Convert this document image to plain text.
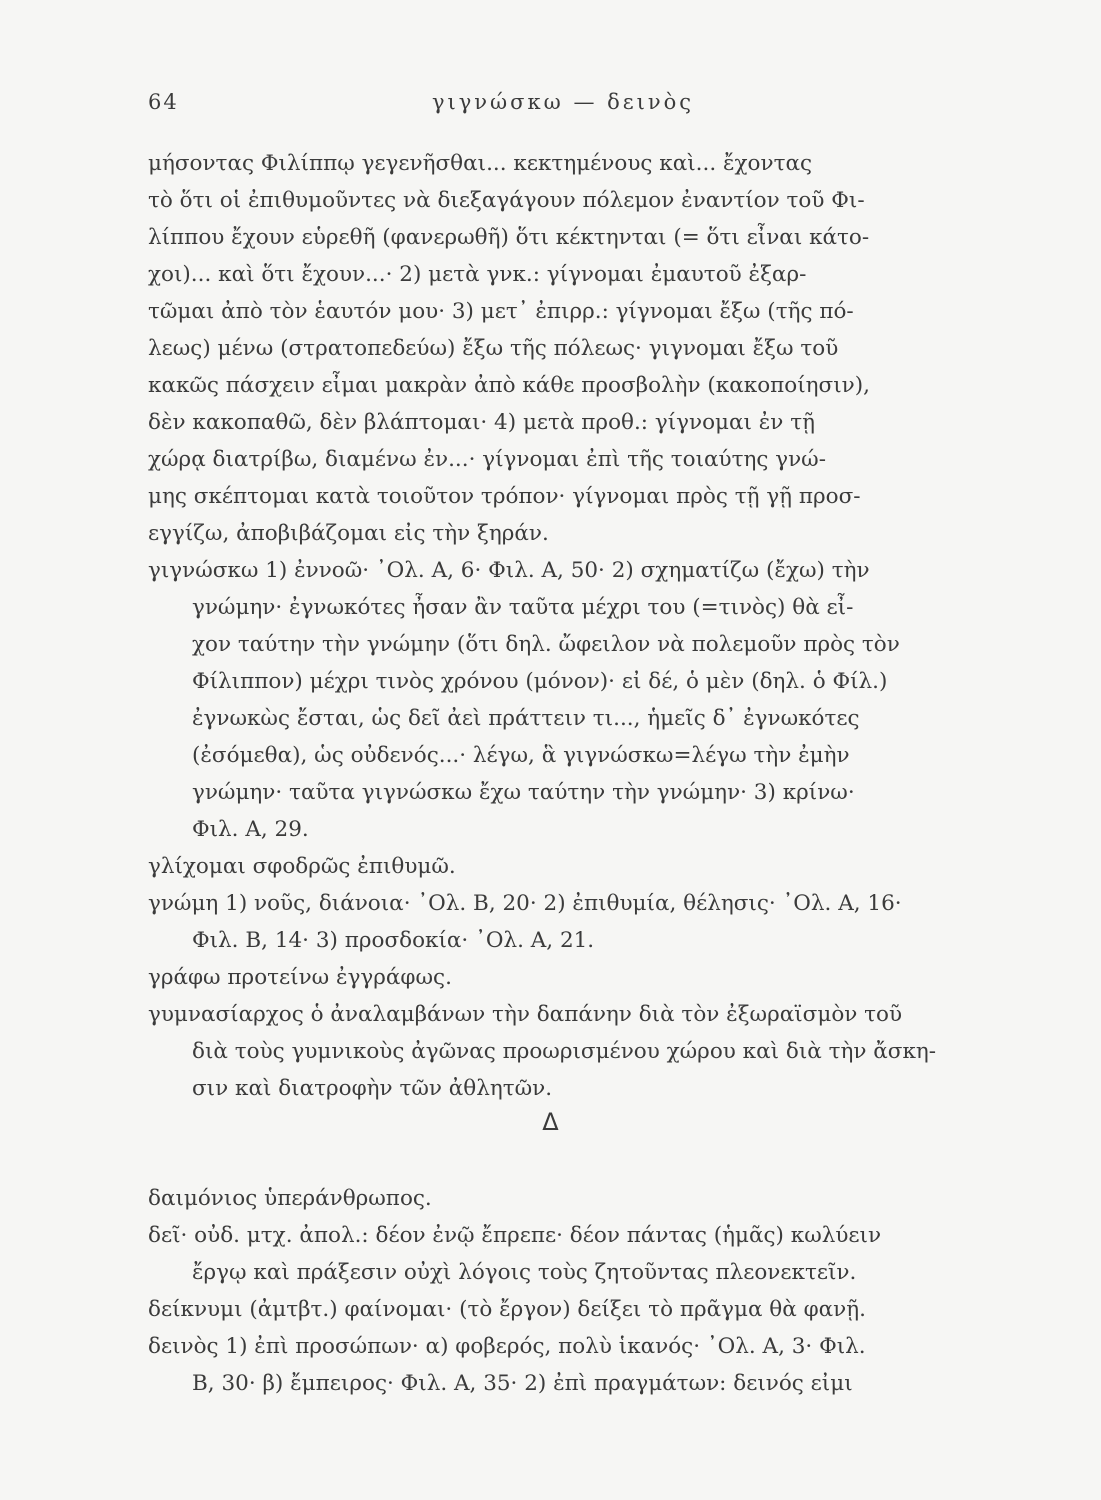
64	γιγνώσκω — δεινὸς
μήσοντας Φιλίππῳ γεγενῆσθαι... κεκτημένους καὶ... ἔχοντας
τὸ ὅτι οἱ ἐπιθυμοῦντες νὰ διεξαγάγουν πόλεμον ἐναντίον τοῦ Φι-
λίππου ἔχουν εὑρεθῆ (φανερωθῆ) ὅτι κέκτηνται (= ὅτι εἶναι κάτο-
χοι)... καὶ ὅτι ἔχουν...· 2) μετὰ γνκ.: γίγνομαι ἐμαυτοῦ ἐξαρ-
τῶμαι ἀπὸ τὸν ἑαυτόν μου· 3) μετ᾽ ἐπιρρ.: γίγνομαι ἔξω (τῆς πό-
λεως) μένω (στρατοπεδεύω) ἔξω τῆς πόλεως· γιγνομαι ἔξω τοῦ
κακῶς πάσχειν εἶμαι μακρὰν ἀπὸ κάθε προσβολὴν (κακοποίησιν),
δὲν κακοπαθῶ, δὲν βλάπτομαι· 4) μετὰ προθ.: γίγνομαι ἐν τῇ
χώρᾳ διατρίβω, διαμένω ἐν...· γίγνομαι ἐπὶ τῆς τοιαύτης γνώ-
μης σκέπτομαι κατὰ τοιοῦτον τρόπον· γίγνομαι πρὸς τῇ γῇ προσ-
εγγίζω, ἀποβιβάζομαι εἰς τὴν ξηράν.
γιγνώσκω 1) ἐννοῶ· ᾿Ολ. Α, 6· Φιλ. Α, 50· 2) σχηματίζω (ἔχω) τὴν
γνώμην· ἐγνωκότες ἦσαν ἂν ταῦτα μέχρι του (=τινὸς) θὰ εἶ-
χον ταύτην τὴν γνώμην (ὅτι δηλ. ὤφειλον νὰ πολεμοῦν πρὸς τὸν
Φίλιππον) μέχρι τινὸς χρόνου (μόνον)· εἰ δέ, ὁ μὲν (δηλ. ὁ Φίλ.)
ἐγνωκὼς ἔσται, ὡς δεῖ ἀεὶ πράττειν τι..., ἡμεῖς δ᾽ ἐγνωκότες
(ἐσόμεθα), ὡς οὐδενός...· λέγω, ἃ γιγνώσκω=λέγω τὴν ἐμὴν
γνώμην· ταῦτα γιγνώσκω ἔχω ταύτην τὴν γνώμην· 3) κρίνω·
Φιλ. Α, 29.
γλίχομαι σφοδρῶς ἐπιθυμῶ.
γνώμη 1) νοῦς, διάνοια· ᾿Ολ. Β, 20· 2) ἐπιθυμία, θέλησις· ᾿Ολ. Α, 16·
Φιλ. Β, 14· 3) προσδοκία· ᾿Ολ. Α, 21.
γράφω προτείνω ἐγγράφως.
γυμνασίαρχος ὁ ἀναλαμβάνων τὴν δαπάνην διὰ τὸν ἐξωραϊσμὸν τοῦ
διὰ τοὺς γυμνικοὺς ἀγῶνας προωρισμένου χώρου καὶ διὰ τὴν ἄσκη-
σιν καὶ διατροφὴν τῶν ἀθλητῶν.
Δ
δαιμόνιος ὑπεράνθρωπος.
δεῖ· οὐδ. μτχ. ἀπολ.: δέον ἐνῷ ἔπρεπε· δέον πάντας (ἡμᾶς) κωλύειν
ἔργῳ καὶ πράξεσιν οὐχὶ λόγοις τοὺς ζητοῦντας πλεονεκτεῖν.
δείκνυμι (ἀμτβτ.) φαίνομαι· (τὸ ἔργον) δείξει τὸ πρᾶγμα θὰ φανῇ.
δεινὸς 1) ἐπὶ προσώπων· α) φοβερός, πολὺ ἱκανός· ᾿Ολ. Α, 3· Φιλ.
Β, 30· β) ἔμπειρος· Φιλ. Α, 35· 2) ἐπὶ πραγμάτων: δεινός εἰμι
